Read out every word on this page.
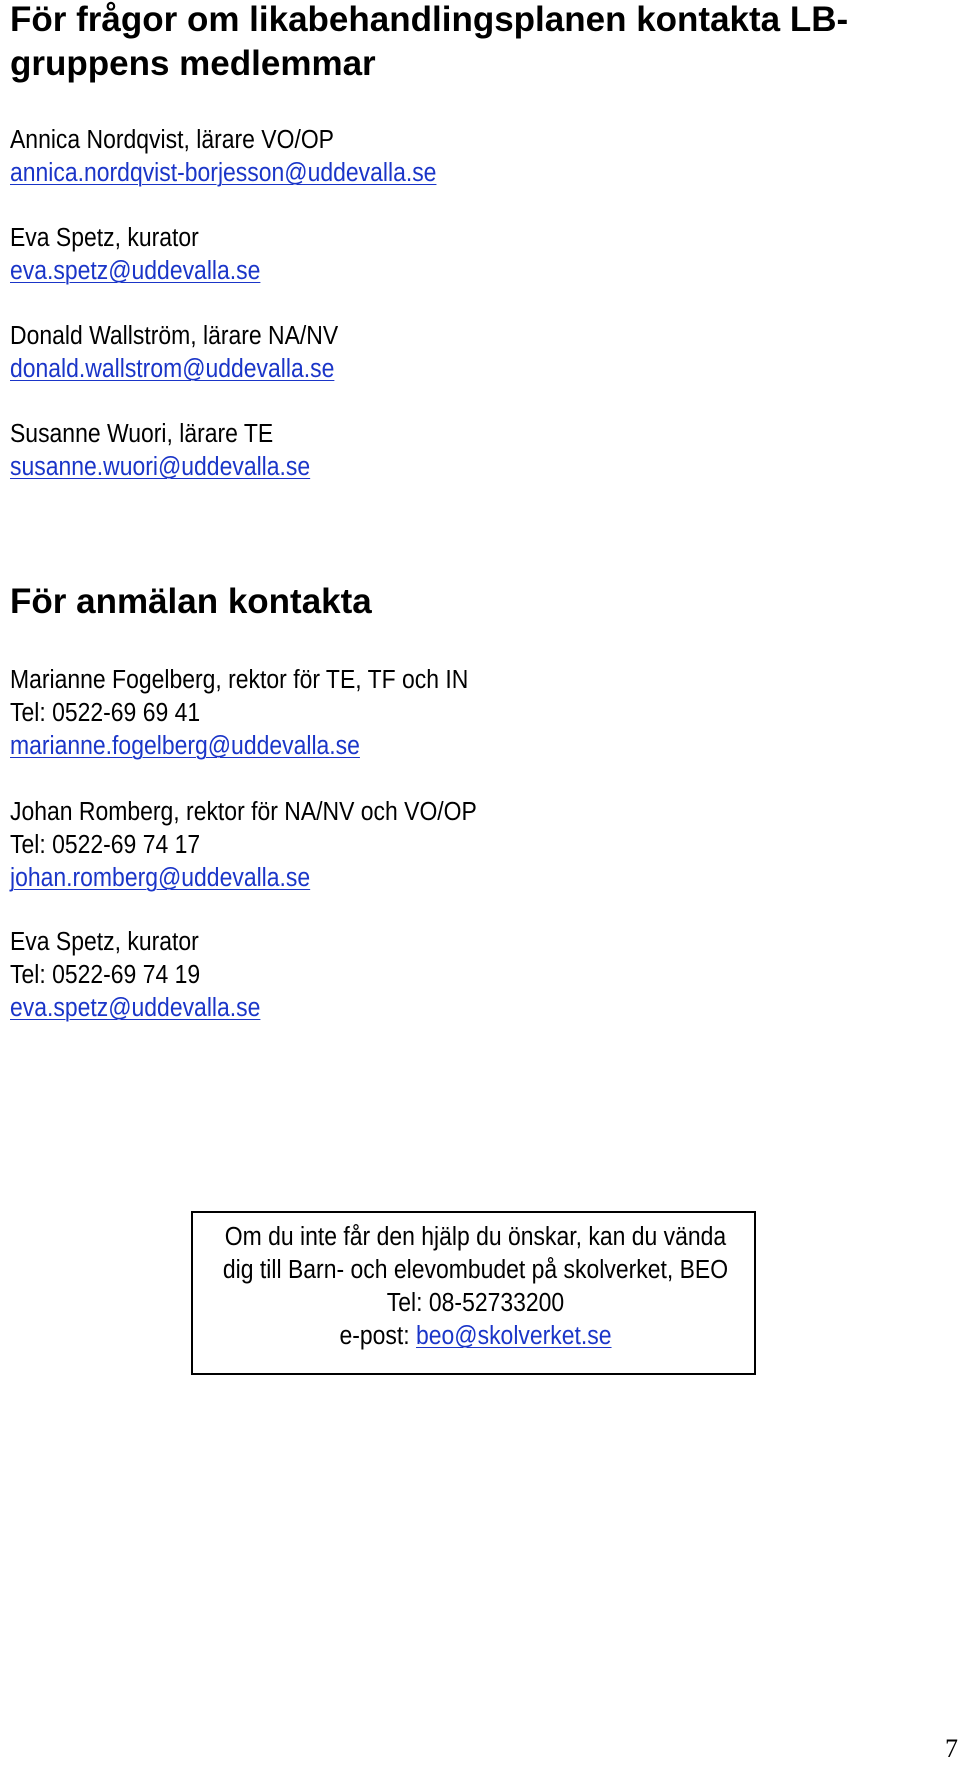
För frågor om likabehandlingsplanen kontakta LB-gruppens medlemmar
Annica Nordqvist, lärare VO/OP
annica.nordqvist-borjesson@uddevalla.se
Eva Spetz, kurator
eva.spetz@uddevalla.se
Donald Wallström, lärare NA/NV
donald.wallstrom@uddevalla.se
Susanne Wuori, lärare TE
susanne.wuori@uddevalla.se
För anmälan kontakta
Marianne Fogelberg, rektor för TE, TF och IN
Tel: 0522-69 69 41
marianne.fogelberg@uddevalla.se
Johan Romberg, rektor för NA/NV och VO/OP
Tel: 0522-69 74 17
johan.romberg@uddevalla.se
Eva Spetz, kurator
Tel: 0522-69 74 19
eva.spetz@uddevalla.se
Om du inte får den hjälp du önskar, kan du vända
dig till Barn- och elevombudet på skolverket, BEO
Tel: 08-52733200
e-post: beo@skolverket.se
7
